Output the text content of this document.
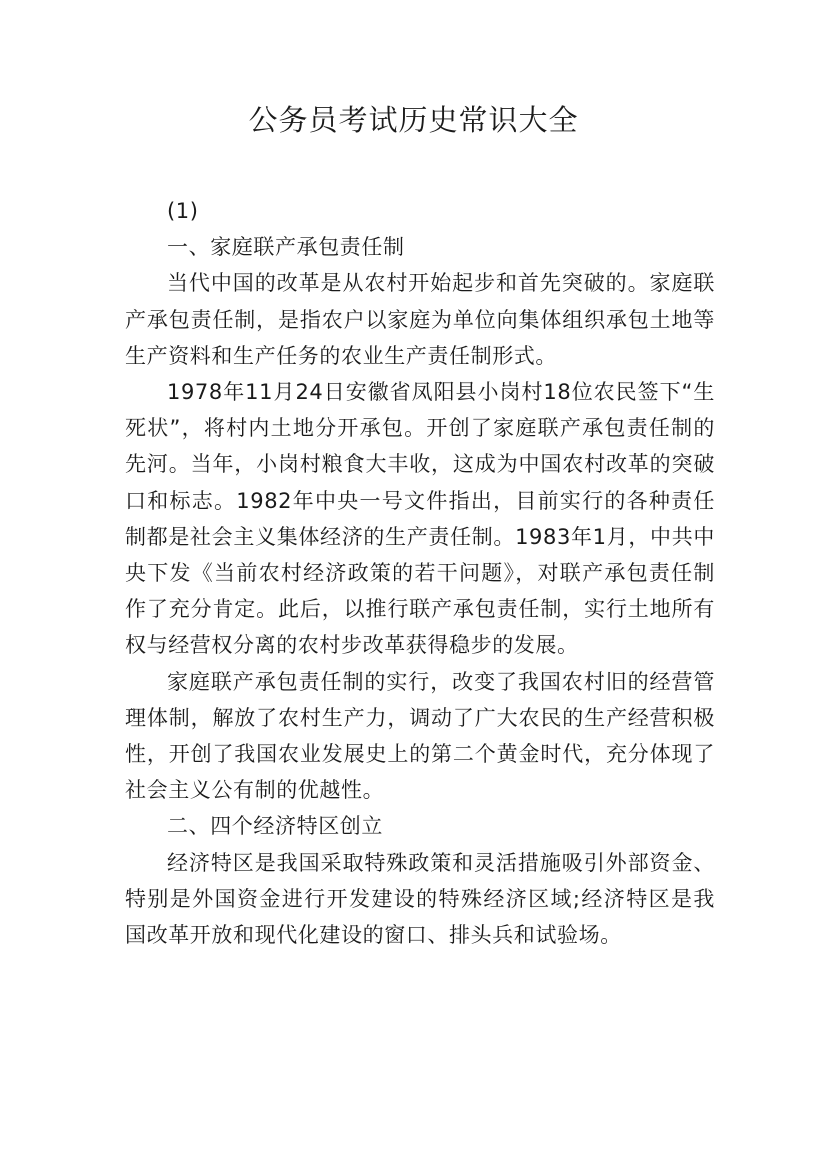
公务员考试历史常识大全

(1)

一、家庭联产承包责任制

当代中国的改革是从农村开始起步和首先突破的。家庭联产承包责任制，是指农户以家庭为单位向集体组织承包土地等生产资料和生产任务的农业生产责任制形式。

1978年11月24日安徽省凤阳县小岗村18位农民签下“生死状”，将村内土地分开承包。开创了家庭联产承包责任制的先河。当年，小岗村粮食大丰收，这成为中国农村改革的突破口和标志。1982年中央一号文件指出，目前实行的各种责任制都是社会主义集体经济的生产责任制。1983年1月，中共中央下发《当前农村经济政策的若干问题》，对联产承包责任制作了充分肯定。此后，以推行联产承包责任制，实行土地所有权与经营权分离的农村步改革获得稳步的发展。

家庭联产承包责任制的实行，改变了我国农村旧的经营管理体制，解放了农村生产力，调动了广大农民的生产经营积极性，开创了我国农业发展史上的第二个黄金时代，充分体现了社会主义公有制的优越性。

二、四个经济特区创立

经济特区是我国采取特殊政策和灵活措施吸引外部资金、特别是外国资金进行开发建设的特殊经济区域;经济特区是我国改革开放和现代化建设的窗口、排头兵和试验场。
